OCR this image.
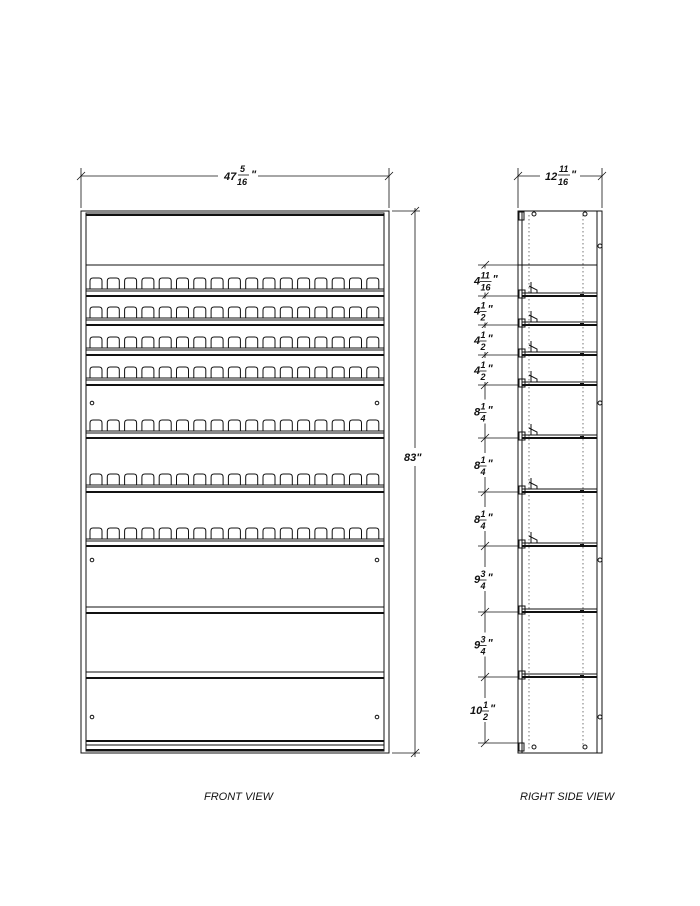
47
5
16
"
83"
FRONT VIEW
12
11
16
"
4 11
16
"
4 1
2
"
4 1
2
"
4 1
2
"
8 1
4
"
8 1
4
"
8 1
4
"
9 3
4
"
9 3
4
"
10 1
2
"
RIGHT SIDE VIEW
